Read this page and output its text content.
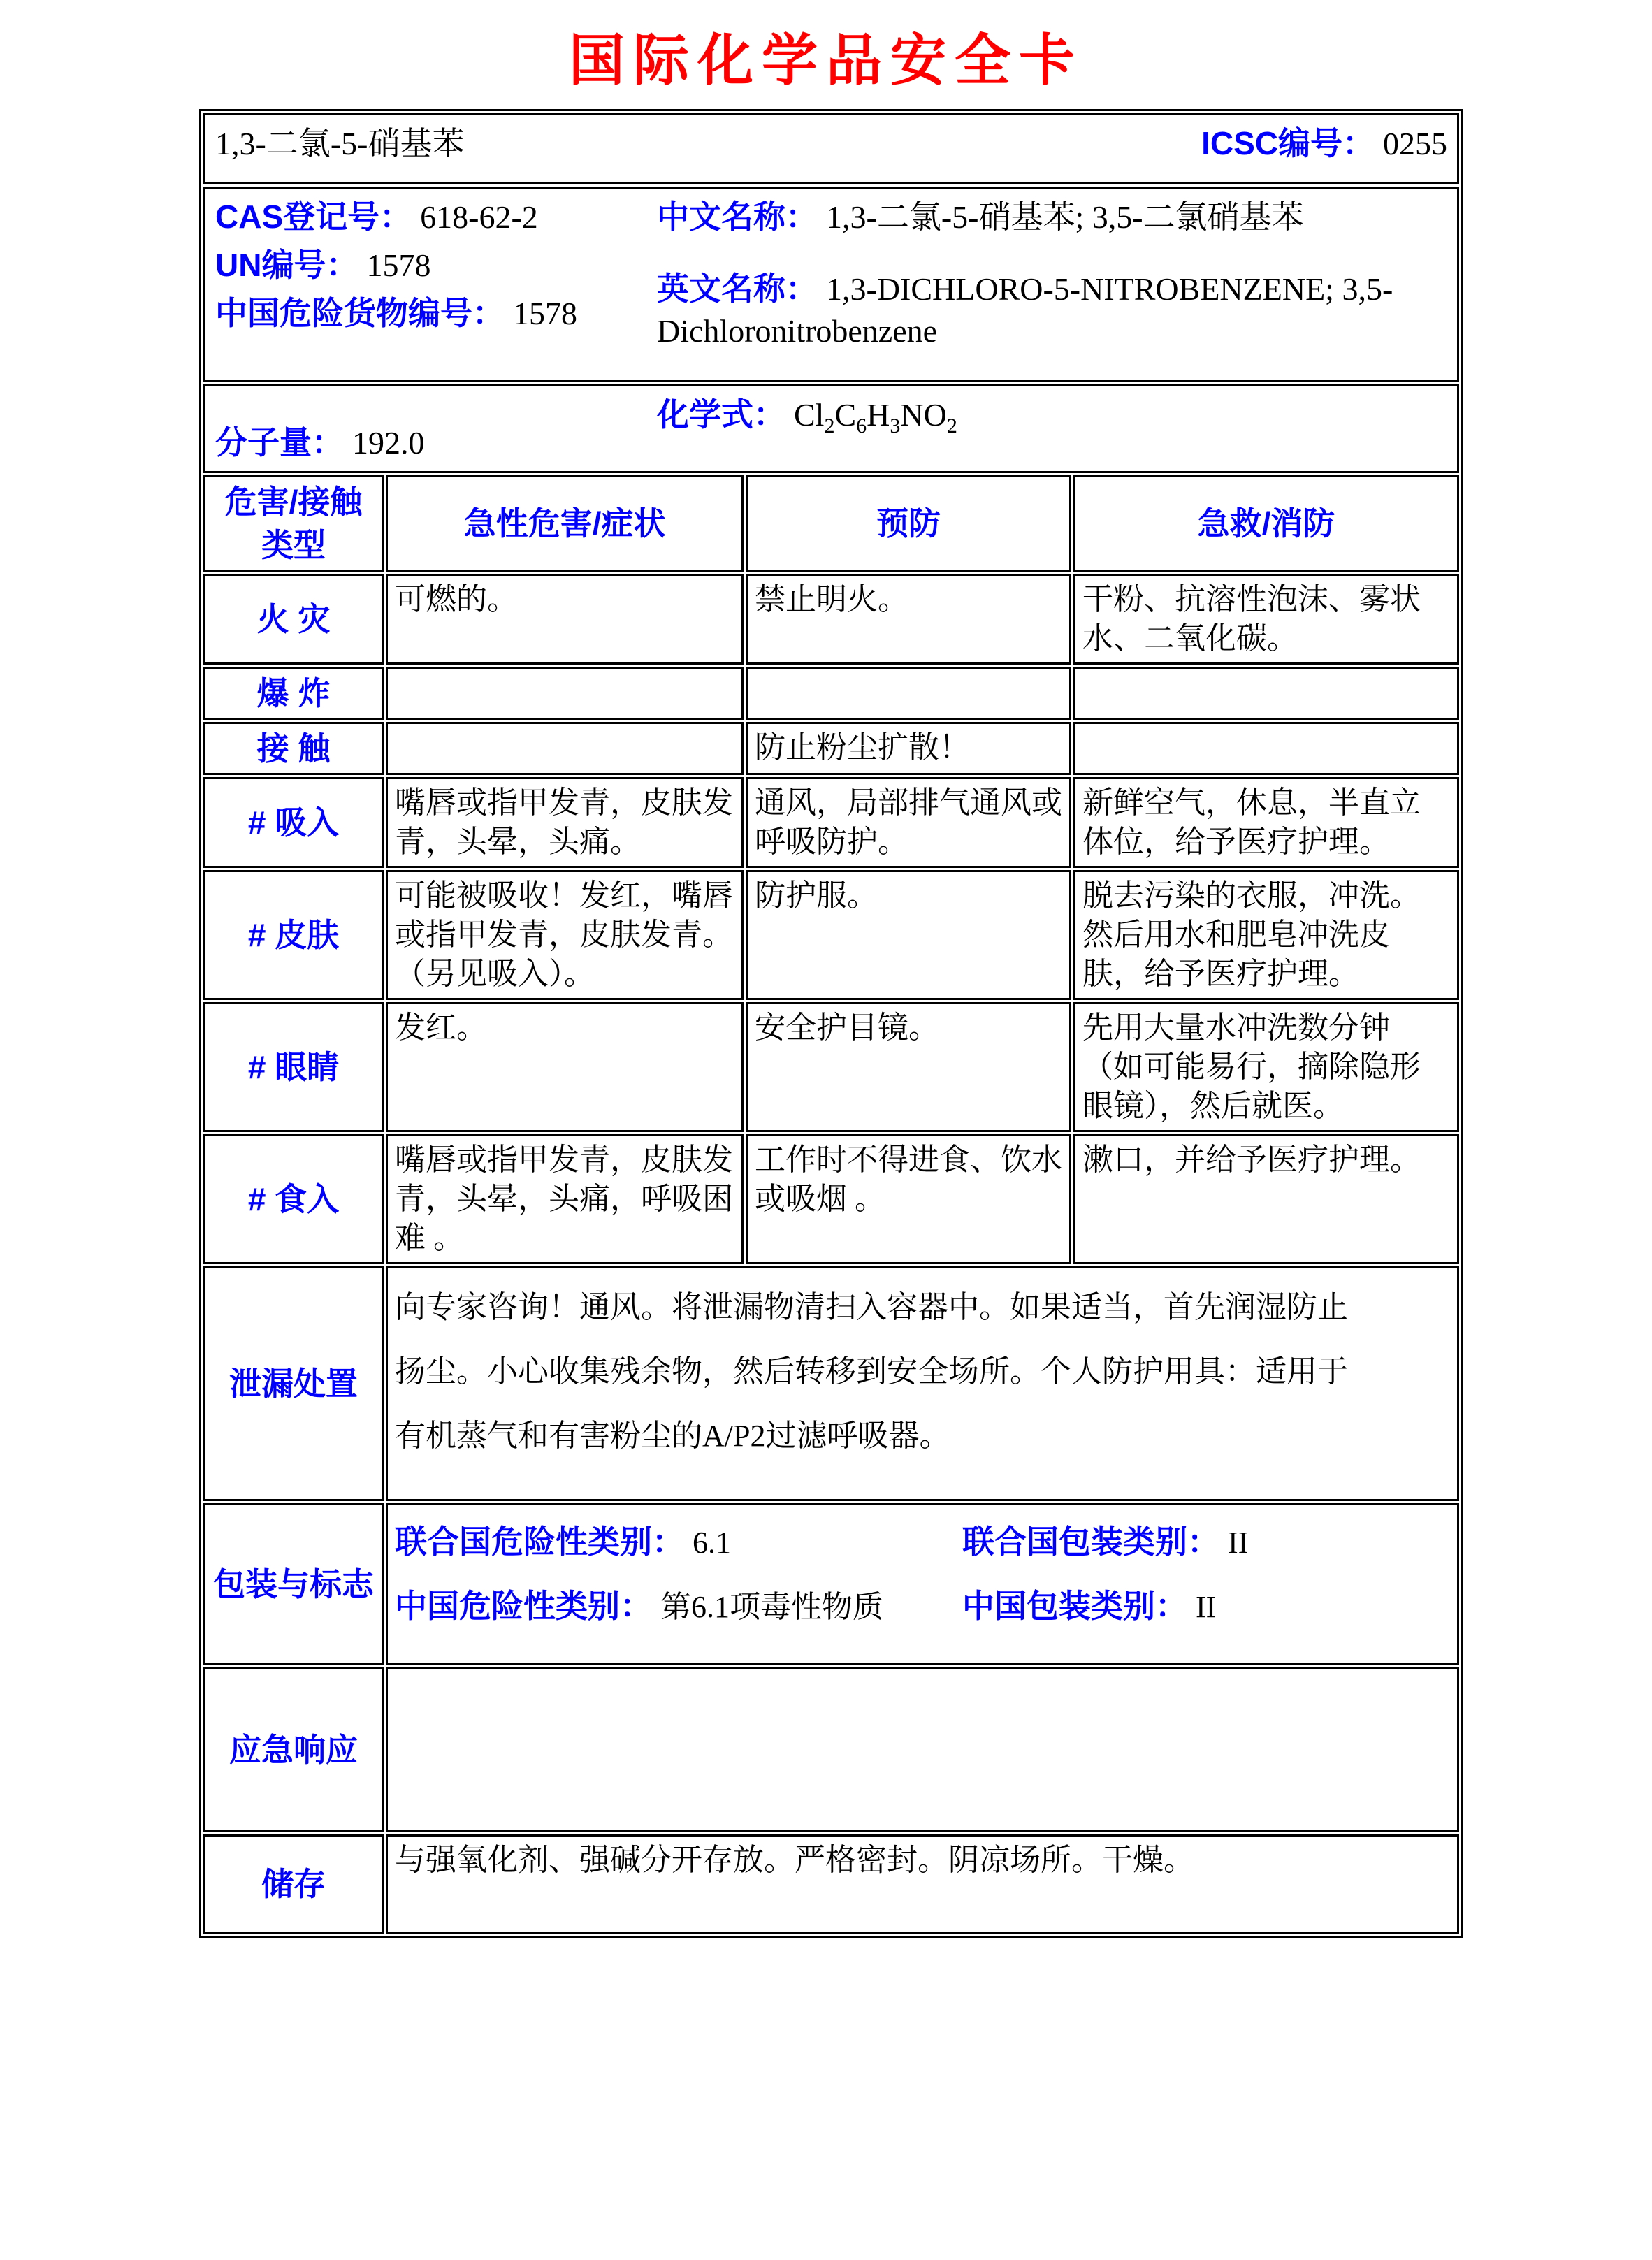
国际化学品安全卡
1,3-二氯-5-硝基苯 ICSC编号： 0255			

CAS登记号： 618-62-2
UN编号： 1578
中国危险货物编号： 1578
中文名称： 1,3-二氯-5-硝基苯; 3,5-二氯硝基苯
英文名称： 1,3-DICHLORO-5-NITROBENZENE; 3,5-Dichloronitrobenzene			

分子量： 192.0
化学式： $Cl_2C_6H_3NO_2$

危害/接触类型	急性危害/症状	预防	急救/消防
火 灾	可燃的。	禁止明火。	干粉、抗溶性泡沫、雾状水、二氧化碳。
爆 炸			
接 触		防止粉尘扩散！	
# 吸入	嘴唇或指甲发青，皮肤发青，头晕，头痛。	通风，局部排气通风或呼吸防护。	新鲜空气，休息，半直立体位，给予医疗护理。
# 皮肤	可能被吸收！发红，嘴唇或指甲发青，皮肤发青。（另见吸入）。	防护服。	脱去污染的衣服，冲洗。然后用水和肥皂冲洗皮肤，给予医疗护理。
# 眼睛	发红。	安全护目镜。	先用大量水冲洗数分钟（如可能易行，摘除隐形眼镜），然后就医。
# 食入	嘴唇或指甲发青，皮肤发青，头晕，头痛，呼吸困难 。	工作时不得进食、饮水或吸烟 。	漱口，并给予医疗护理。
泄漏处置	向专家咨询！通风。将泄漏物清扫入容器中。如果适当，首先润湿防止扬尘。小心收集残余物，然后转移到安全场所。个人防护用具：适用于有机蒸气和有害粉尘的A/P2过滤呼吸器。		

包装与标志	联合国危险性类别： 6.1 联合国包装类别： II
中国危险性类别： 第6.1项毒性物质 中国包装类别： II		

应急响应			
储存	与强氧化剂、强碱分开存放。严格密封。阴凉场所。干燥。		
